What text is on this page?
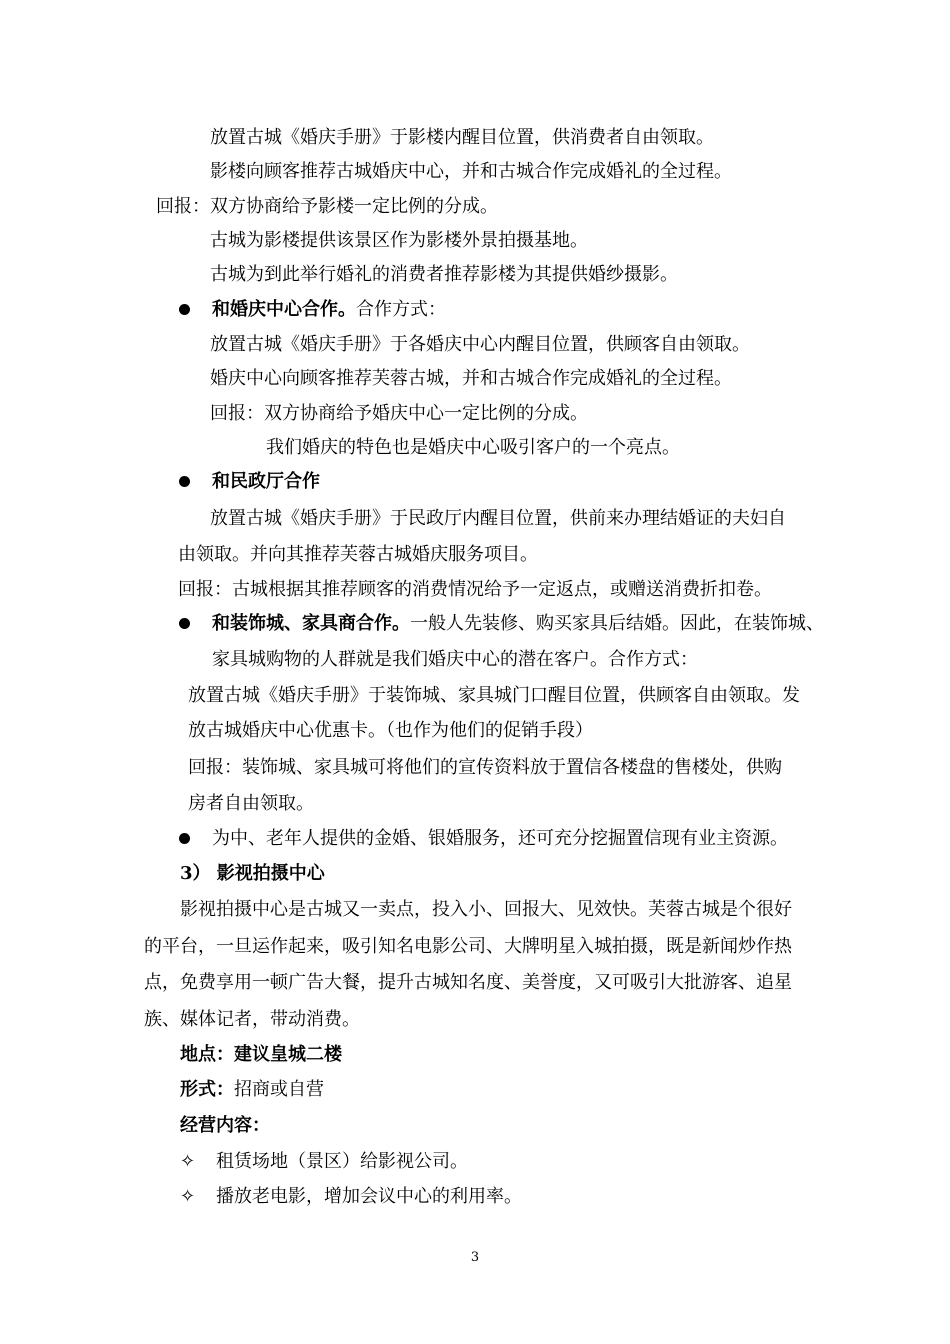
放置古城《婚庆手册》于影楼内醒目位置，供消费者自由领取。
影楼向顾客推荐古城婚庆中心，并和古城合作完成婚礼的全过程。
回报：双方协商给予影楼一定比例的分成。
古城为影楼提供该景区作为影楼外景拍摄基地。
古城为到此举行婚礼的消费者推荐影楼为其提供婚纱摄影。
和婚庆中心合作。合作方式：
放置古城《婚庆手册》于各婚庆中心内醒目位置，供顾客自由领取。
婚庆中心向顾客推荐芙蓉古城，并和古城合作完成婚礼的全过程。
回报：双方协商给予婚庆中心一定比例的分成。
我们婚庆的特色也是婚庆中心吸引客户的一个亮点。
和民政厅合作
放置古城《婚庆手册》于民政厅内醒目位置，供前来办理结婚证的夫妇自
由领取。并向其推荐芙蓉古城婚庆服务项目。
回报：古城根据其推荐顾客的消费情况给予一定返点，或赠送消费折扣卷。
和装饰城、家具商合作。一般人先装修、购买家具后结婚。因此，在装饰城、
家具城购物的人群就是我们婚庆中心的潜在客户。合作方式：
放置古城《婚庆手册》于装饰城、家具城门口醒目位置，供顾客自由领取。发
放古城婚庆中心优惠卡。（也作为他们的促销手段）
回报：装饰城、家具城可将他们的宣传资料放于置信各楼盘的售楼处，供购
房者自由领取。
为中、老年人提供的金婚、银婚服务，还可充分挖掘置信现有业主资源。
3） 影视拍摄中心
影视拍摄中心是古城又一卖点，投入小、回报大、见效快。芙蓉古城是个很好
的平台，一旦运作起来，吸引知名电影公司、大牌明星入城拍摄，既是新闻炒作热
点，免费享用一顿广告大餐，提升古城知名度、美誉度，又可吸引大批游客、追星
族、媒体记者，带动消费。
地点：建议皇城二楼
形式：招商或自营
经营内容：
✧ 租赁场地（景区）给影视公司。
✧ 播放老电影，增加会议中心的利用率。
3
